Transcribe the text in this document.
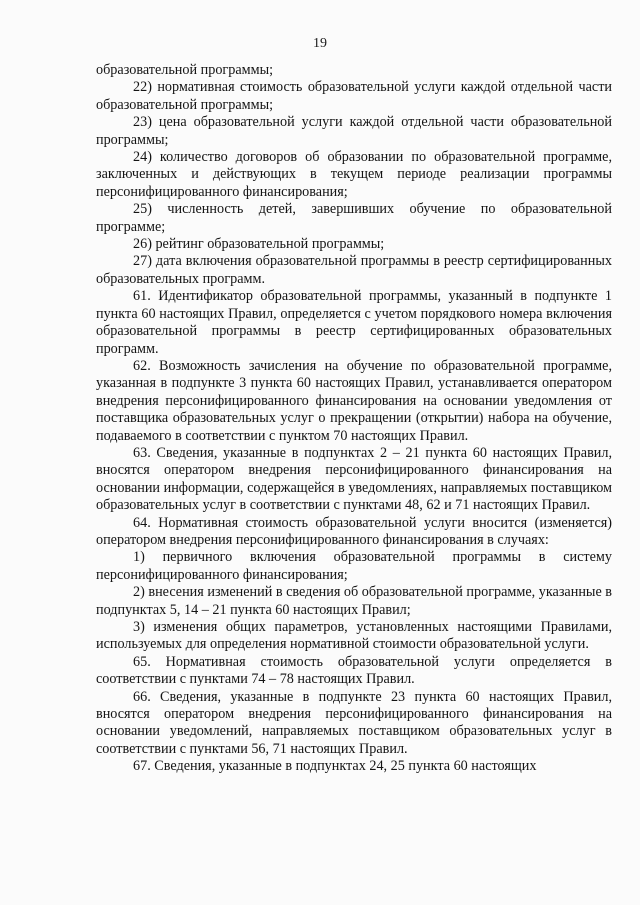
19

образовательной программы;

22) нормативная стоимость образовательной услуги каждой отдельной части образовательной программы;

23) цена образовательной услуги каждой отдельной части образовательной программы;

24) количество договоров об образовании по образовательной программе, заключенных и действующих в текущем периоде реализации программы персонифицированного финансирования;

25) численность детей, завершивших обучение по образовательной программе;

26) рейтинг образовательной программы;

27) дата включения образовательной программы в реестр сертифицированных образовательных программ.

61. Идентификатор образовательной программы, указанный в подпункте 1 пункта 60 настоящих Правил, определяется с учетом порядкового номера включения образовательной программы в реестр сертифицированных образовательных программ.

62. Возможность зачисления на обучение по образовательной программе, указанная в подпункте 3 пункта 60 настоящих Правил, устанавливается оператором внедрения персонифицированного финансирования на основании уведомления от поставщика образовательных услуг о прекращении (открытии) набора на обучение, подаваемого в соответствии с пунктом 70 настоящих Правил.

63. Сведения, указанные в подпунктах 2 – 21 пункта 60 настоящих Правил, вносятся оператором внедрения персонифицированного финансирования на основании информации, содержащейся в уведомлениях, направляемых поставщиком образовательных услуг в соответствии с пунктами 48, 62 и 71 настоящих Правил.

64. Нормативная стоимость образовательной услуги вносится (изменяется) оператором внедрения персонифицированного финансирования в случаях:

1) первичного включения образовательной программы в систему персонифицированного финансирования;

2) внесения изменений в сведения об образовательной программе, указанные в подпунктах 5, 14 – 21 пункта 60 настоящих Правил;

3) изменения общих параметров, установленных настоящими Правилами, используемых для определения нормативной стоимости образовательной услуги.

65. Нормативная стоимость образовательной услуги определяется в соответствии с пунктами 74 – 78 настоящих Правил.

66. Сведения, указанные в подпункте 23 пункта 60 настоящих Правил, вносятся оператором внедрения персонифицированного финансирования на основании уведомлений, направляемых поставщиком образовательных услуг в соответствии с пунктами 56, 71 настоящих Правил.

67. Сведения, указанные в подпунктах 24, 25 пункта 60 настоящих
